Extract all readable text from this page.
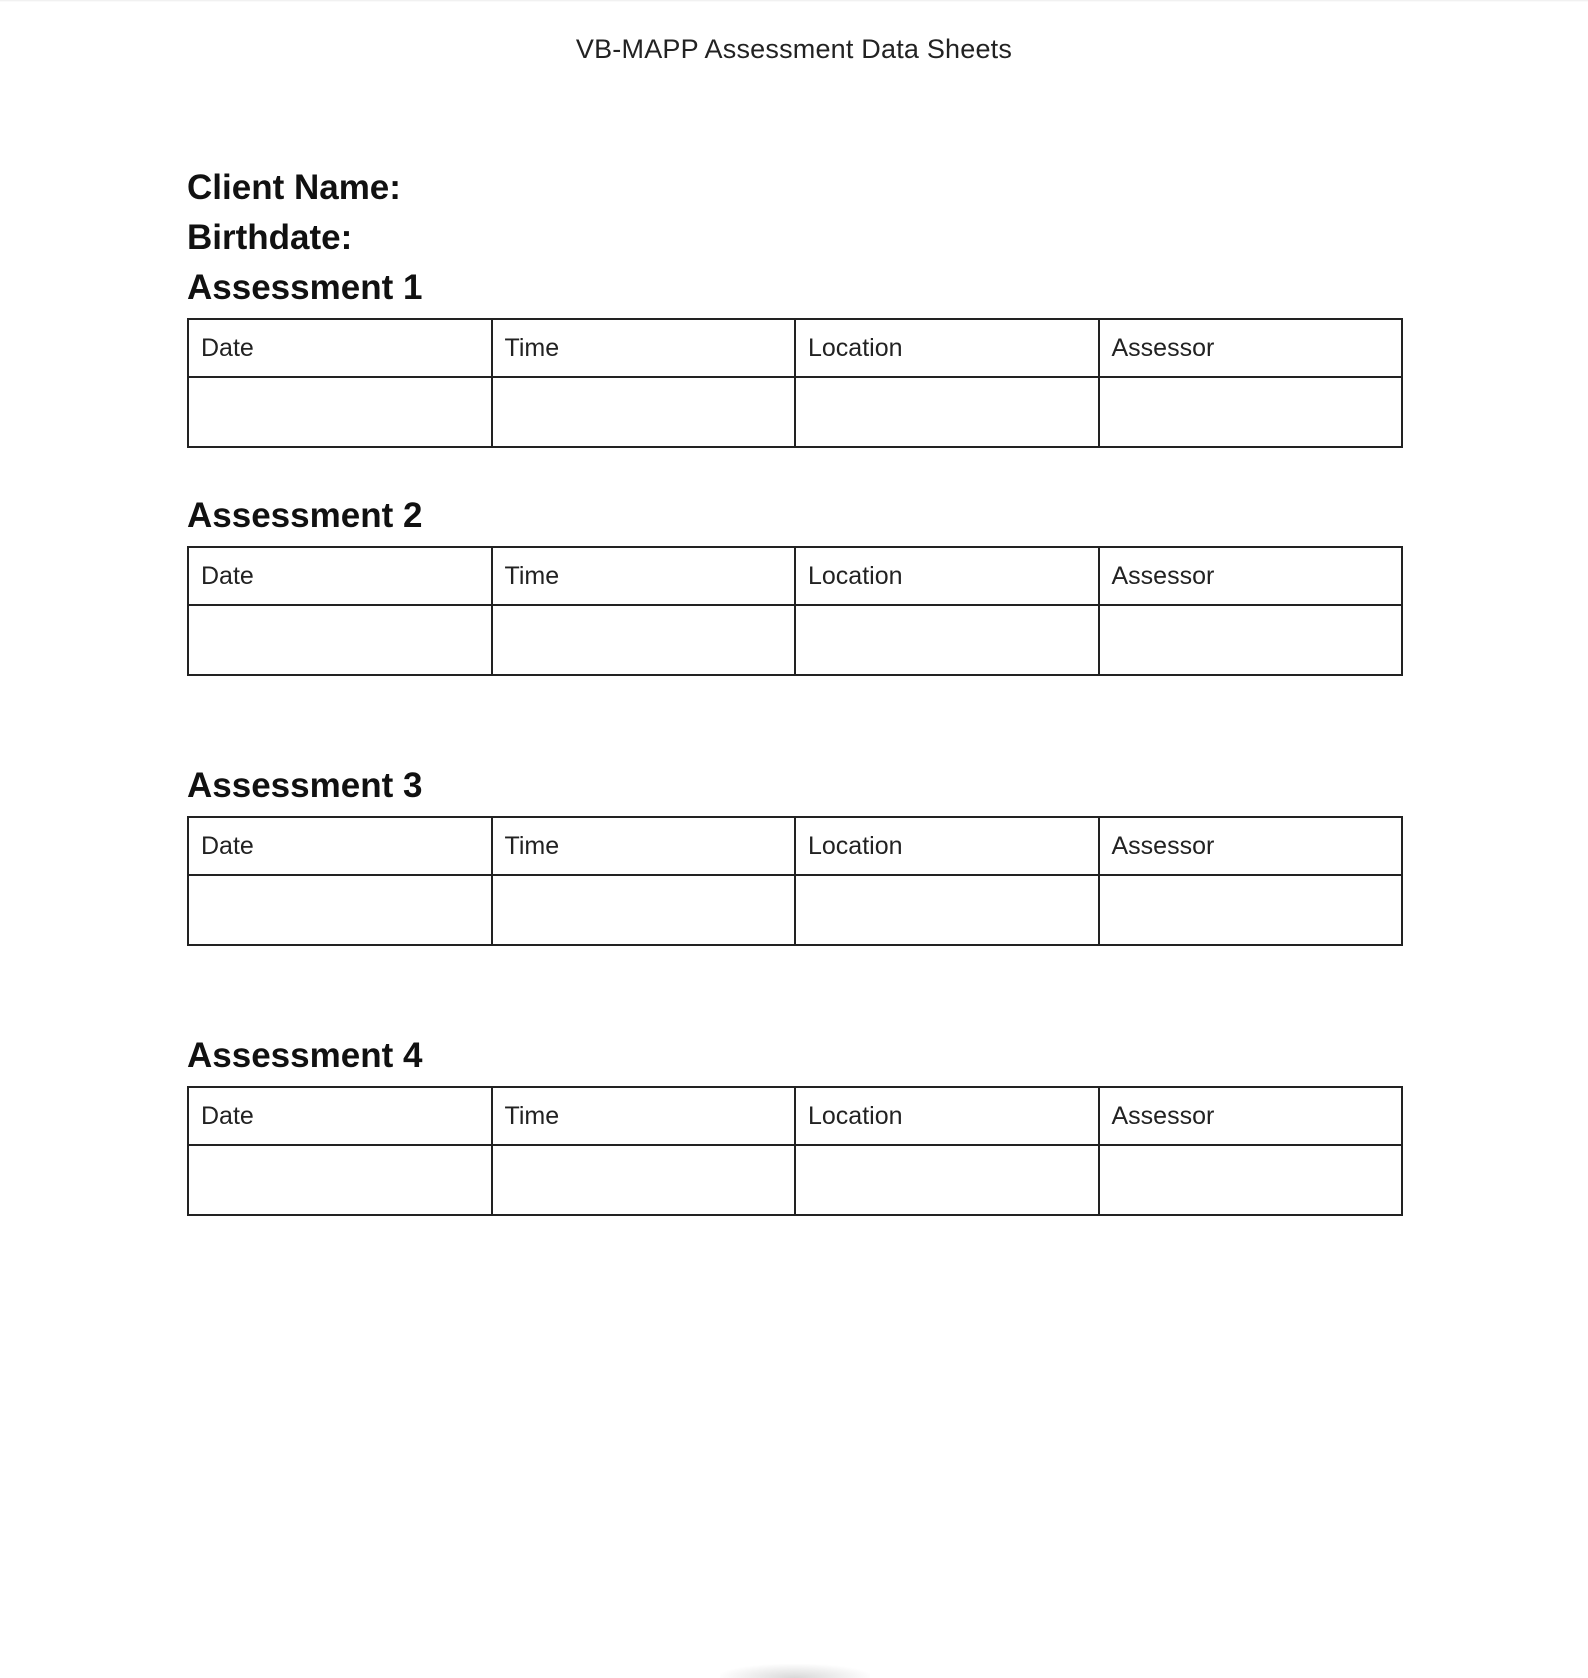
VB-MAPP Assessment Data Sheets
Client Name:
Birthdate:
Assessment 1
Date	Time	Location	Assessor

Assessment 2
Date	Time	Location	Assessor

Assessment 3
Date	Time	Location	Assessor

Assessment 4
Date	Time	Location	Assessor
